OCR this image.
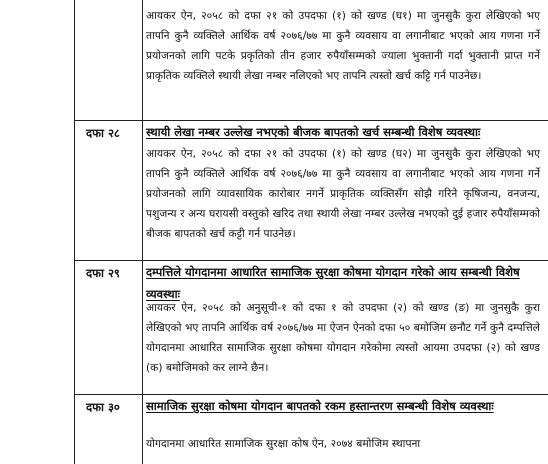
आयकर ऐन, २०५८ को दफा २१ को उपदफा (१) को खण्ड (घ१) मा जुनसुकै कुरा लेखिएको भए तापनि कुनै व्यक्तिले आर्थिक वर्ष २०७६/७७ मा कुनै व्यवसाय वा लगानीबाट भएको आय गणना गर्ने प्रयोजनको लागि पटके प्रकृतिको तीन हजार रुपैयाँसम्मको ज्याला भुक्तानी गर्दा भुक्तानी प्राप्त गर्ने प्राकृतिक व्यक्तिले स्थायी लेखा नम्बर नलिएको भए तापनि त्यस्तो खर्च कट्टि गर्न पाउनेछ।
दफा २८ स्थायी लेखा नम्बर उल्लेख नभएको बीजक बापतको खर्च सम्बन्धी विशेष व्यवस्थाः
आयकर ऐन, २०५८ को दफा २१ को उपदफा (१) को खण्ड (घ२) मा जुनसुकै कुरा लेखिएको भए तापनि कुनै व्यक्तिले आर्थिक वर्ष २०७६/७७ मा कुनै व्यवसाय वा लगानीबाट भएको आय गणना गर्ने प्रयोजनको लागि व्यावसायिक कारोबार नगर्ने प्राकृतिक व्यक्तिसँग सोझै गरिने कृषिजन्य, वनजन्य, पशुजन्य र अन्य घरायसी वस्तुको खरिद तथा स्थायी लेखा नम्बर उल्लेख नभएको दुई हजार रुपैयाँसम्मको बीजक बापतको खर्च कट्टी गर्न पाउनेछ।
दफा २९ दम्पत्तिले योगदानमा आधारित सामाजिक सुरक्षा कोषमा योगदान गरेको आय सम्बन्धी विशेष व्यवस्थाः
आयकर ऐन, २०५८ को अनुसूची-१ को दफा १ को उपदफा (२) को खण्ड (ङ) मा जुनसुकै कुरा लेखिएको भए तापनि आर्थिक वर्ष २०७६/७७ मा ऐजन ऐनको दफा ५० बमोजिम छनौट गर्ने कुनै दम्पत्तिले योगदानमा आधारित सामाजिक सुरक्षा कोषमा योगदान गरेकोमा त्यस्तो आयमा उपदफा (२) को खण्ड (क) बमोजिमको कर लाग्ने छैन।
दफा ३० सामाजिक सुरक्षा कोषमा योगदान बापतको रकम हस्तान्तरण सम्बन्धी विशेष व्यवस्थाः
योगदानमा आधारित सामाजिक सुरक्षा कोष ऐन, २०७४ बमोजिम स्थापना
